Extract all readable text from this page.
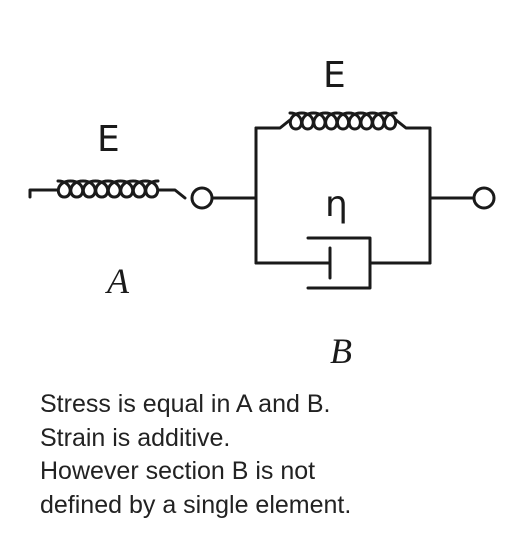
E
E
η
A
B
Stress is equal in A and B.
Strain is additive.
However section B is not
defined by a single element.
